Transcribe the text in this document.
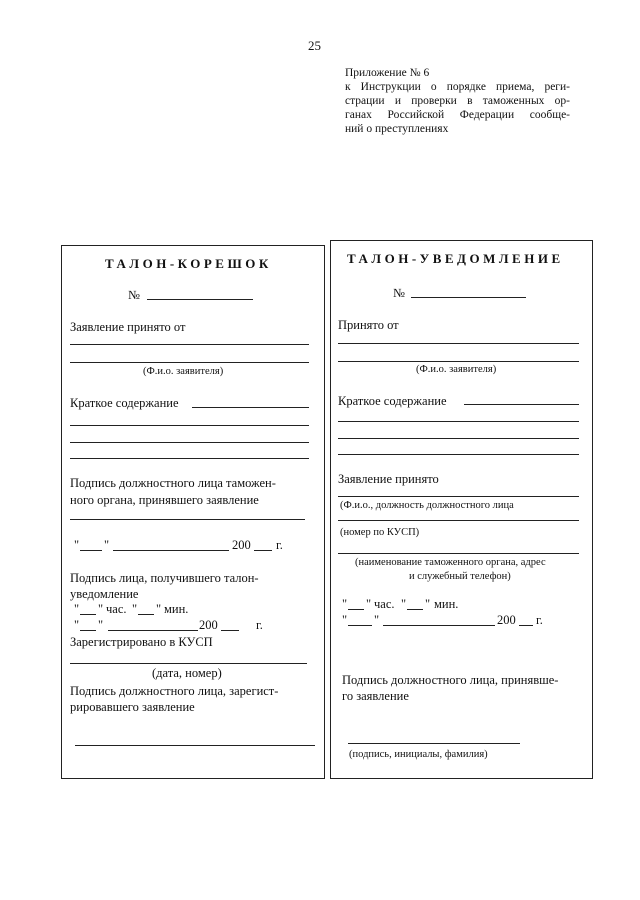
25
Приложение № 6
к Инструкции о порядке приема, реги-
страции и проверки в таможенных ор-
ганах Российской Федерации сообще-
ний о преступлениях
ТАЛОН-КОРЕШОК
№
Заявление принято от
(Ф.и.о. заявителя)
Краткое содержание
Подпись должностного лица таможен-
ного органа, принявшего заявление
" "	200 г.
Подпись лица, получившего талон-
уведомление
" " час. " " мин.
" "	200	г.
Зарегистрировано в КУСП
(дата, номер)
Подпись должностного лица, зарегист-
рировавшего заявление
ТАЛОН-УВЕДОМЛЕНИЕ
№
Принято от
(Ф.и.о. заявителя)
Краткое содержание
Заявление принято
(Ф.и.о., должность должностного лица
(номер по КУСП)
(наименование таможенного органа, адрес
и служебный телефон)
" " час. " " мин.
" "	200 г.
Подпись должностного лица, принявше-
го заявление
(подпись, инициалы, фамилия)
